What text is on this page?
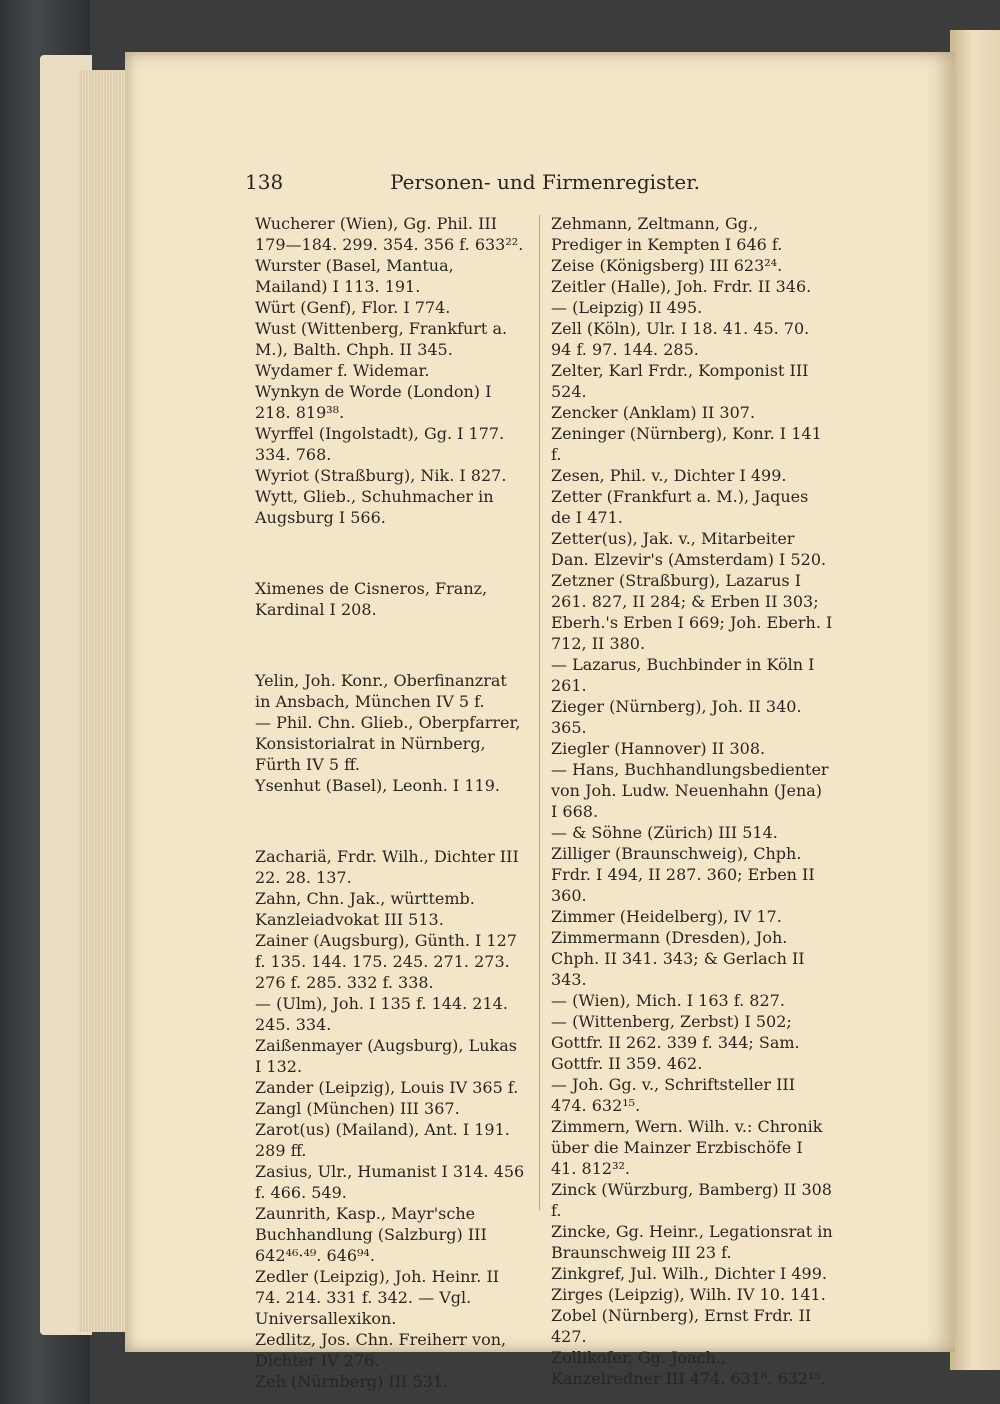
138	Personen- und Firmenregister.

Wucherer (Wien), Gg. Phil. III 179—184. 299. 354. 356 f. 633²².

Wurster (Basel, Mantua, Mailand) I 113. 191.

Würt (Genf), Flor. I 774.

Wust (Wittenberg, Frankfurt a. M.), Balth. Chph. II 345.

Wydamer f. Widemar.

Wynkyn de Worde (London) I 218. 819³⁸.

Wyrffel (Ingolstadt), Gg. I 177. 334. 768.

Wyriot (Straßburg), Nik. I 827.

Wytt, Glieb., Schuhmacher in Augsburg I 566.

Ximenes de Cisneros, Franz, Kardinal I 208.

Yelin, Joh. Konr., Oberfinanzrat in Ansbach, München IV 5 f.

— Phil. Chn. Glieb., Oberpfarrer, Konsistorialrat in Nürnberg, Fürth IV 5 ff.

Ysenhut (Basel), Leonh. I 119.

Zachariä, Frdr. Wilh., Dichter III 22. 28. 137.

Zahn, Chn. Jak., württemb. Kanzleiadvokat III 513.

Zainer (Augsburg), Günth. I 127 f. 135. 144. 175. 245. 271. 273. 276 f. 285. 332 f. 338.

— (Ulm), Joh. I 135 f. 144. 214. 245. 334.

Zaißenmayer (Augsburg), Lukas I 132.

Zander (Leipzig), Louis IV 365 f.

Zangl (München) III 367.

Zarot(us) (Mailand), Ant. I 191. 289 ff.

Zasius, Ulr., Humanist I 314. 456 f. 466. 549.

Zaunrith, Kasp., Mayr'sche Buchhandlung (Salzburg) III 642⁴⁶·⁴⁹. 646⁹⁴.

Zedler (Leipzig), Joh. Heinr. II 74. 214. 331 f. 342. — Vgl. Universallexikon.

Zedlitz, Jos. Chn. Freiherr von, Dichter IV 276.

Zeh (Nürnberg) III 531.

Zehmann, Zeltmann, Gg., Prediger in Kempten I 646 f.

Zeise (Königsberg) III 623²⁴.

Zeitler (Halle), Joh. Frdr. II 346.

— (Leipzig) II 495.

Zell (Köln), Ulr. I 18. 41. 45. 70. 94 f. 97. 144. 285.

Zelter, Karl Frdr., Komponist III 524.

Zencker (Anklam) II 307.

Zeninger (Nürnberg), Konr. I 141 f.

Zesen, Phil. v., Dichter I 499.

Zetter (Frankfurt a. M.), Jaques de I 471.

Zetter(us), Jak. v., Mitarbeiter Dan. Elzevir's (Amsterdam) I 520.

Zetzner (Straßburg), Lazarus I 261. 827, II 284; & Erben II 303; Eberh.'s Erben I 669; Joh. Eberh. I 712, II 380.

— Lazarus, Buchbinder in Köln I 261.

Zieger (Nürnberg), Joh. II 340. 365.

Ziegler (Hannover) II 308.

— Hans, Buchhandlungsbedienter von Joh. Ludw. Neuenhahn (Jena) I 668.

— & Söhne (Zürich) III 514.

Zilliger (Braunschweig), Chph. Frdr. I 494, II 287. 360; Erben II 360.

Zimmer (Heidelberg), IV 17.

Zimmermann (Dresden), Joh. Chph. II 341. 343; & Gerlach II 343.

— (Wien), Mich. I 163 f. 827.

— (Wittenberg, Zerbst) I 502; Gottfr. II 262. 339 f. 344; Sam. Gottfr. II 359. 462.

— Joh. Gg. v., Schriftsteller III 474. 632¹⁵.

Zimmern, Wern. Wilh. v.: Chronik über die Mainzer Erzbischöfe I 41. 812³².

Zinck (Würzburg, Bamberg) II 308 f.

Zincke, Gg. Heinr., Legationsrat in Braunschweig III 23 f.

Zinkgref, Jul. Wilh., Dichter I 499.

Zirges (Leipzig), Wilh. IV 10. 141.

Zobel (Nürnberg), Ernst Frdr. II 427.

Zollikofer, Gg. Joach., Kanzelredner III 474. 631⁸. 632¹⁵.
